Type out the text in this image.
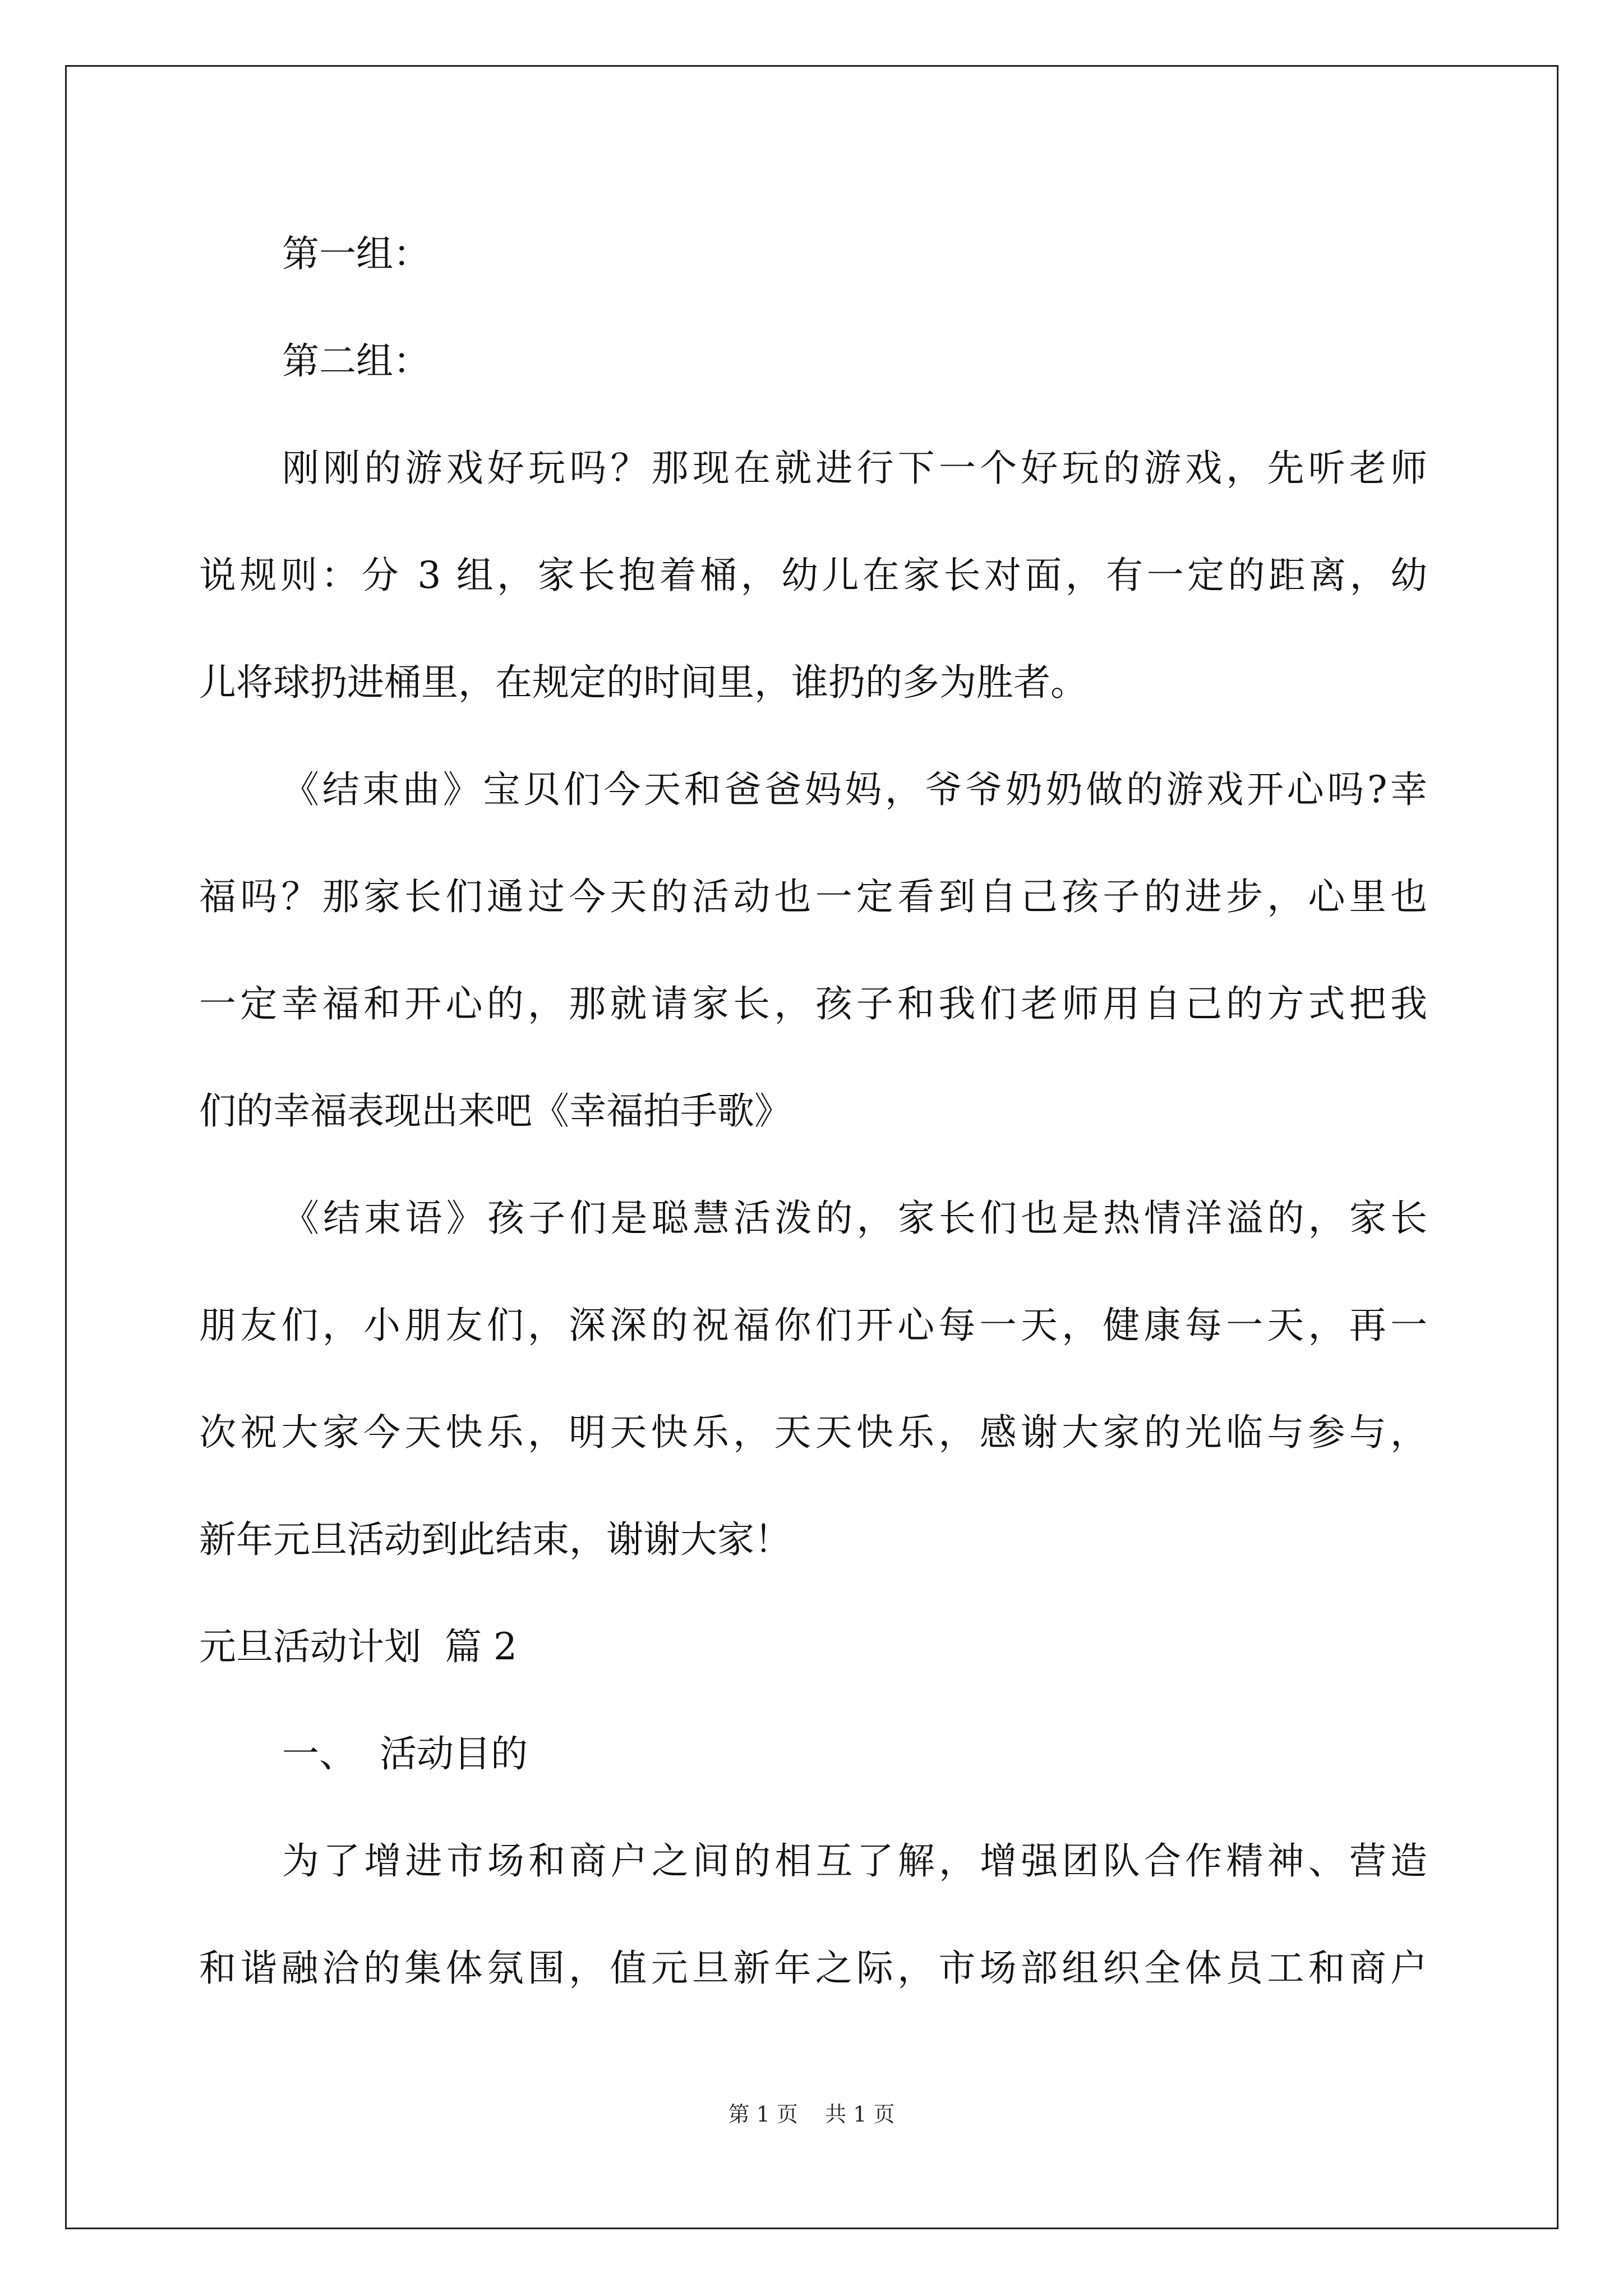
第一组：
第二组：
刚刚的游戏好玩吗？那现在就进行下一个好玩的游戏，先听老师
说规则：分 3 组，家长抱着桶，幼儿在家长对面，有一定的距离，幼
儿将球扔进桶里，在规定的时间里，谁扔的多为胜者。
《结束曲》宝贝们今天和爸爸妈妈，爷爷奶奶做的游戏开心吗?幸
福吗？那家长们通过今天的活动也一定看到自己孩子的进步，心里也
一定幸福和开心的，那就请家长，孩子和我们老师用自己的方式把我
们的幸福表现出来吧《幸福拍手歌》
《结束语》孩子们是聪慧活泼的，家长们也是热情洋溢的，家长
朋友们，小朋友们，深深的祝福你们开心每一天，健康每一天，再一
次祝大家今天快乐，明天快乐，天天快乐，感谢大家的光临与参与，
新年元旦活动到此结束，谢谢大家！
元旦活动计划  篇 2
一、  活动目的
为了增进市场和商户之间的相互了解，增强团队合作精神、营造
和谐融洽的集体氛围，值元旦新年之际，市场部组织全体员工和商户
第 1 页    共 1 页
